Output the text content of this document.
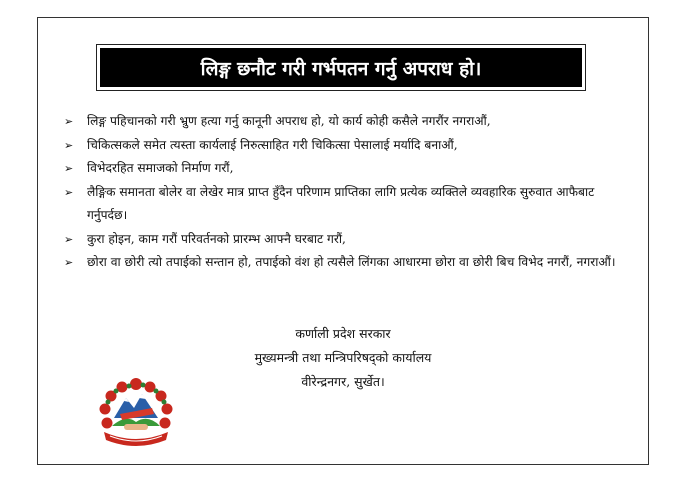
लिङ्ग छनौट गरी गर्भपतन गर्नु अपराध हो।
➢ लिङ्ग पहिचानको गरी भ्रुण हत्या गर्नु कानूनी अपराध हो, यो कार्य कोही कसैले नगरौंर नगराऔं,
➢ चिकित्सकले समेत त्यस्ता कार्यलाई निरुत्साहित गरी चिकित्सा पेसालाई मर्यादि बनाऔं,
➢ विभेदरहित समाजको निर्माण गरौं,
➢ लैङ्गिक समानता बोलेर वा लेखेर मात्र प्राप्त हुँदैन परिणाम प्राप्तिका लागि प्रत्येक व्यक्तिले व्यवहारिक सुरुवात आफैबाट गर्नुपर्दछ।
➢ कुरा होइन, काम गरौं परिवर्तनको प्रारम्भ आफ्नै घरबाट गरौं,
➢ छोरा वा छोरी त्यो तपाईको सन्तान हो, तपाईको वंश हो त्यसैले लिंगका आधारमा छोरा वा छोरी बिच विभेद नगरौं, नगराऔं।
कर्णाली प्रदेश सरकार
मुख्यमन्त्री तथा मन्त्रिपरिषद्को कार्यालय
वीरेन्द्रनगर, सुर्खेत।
